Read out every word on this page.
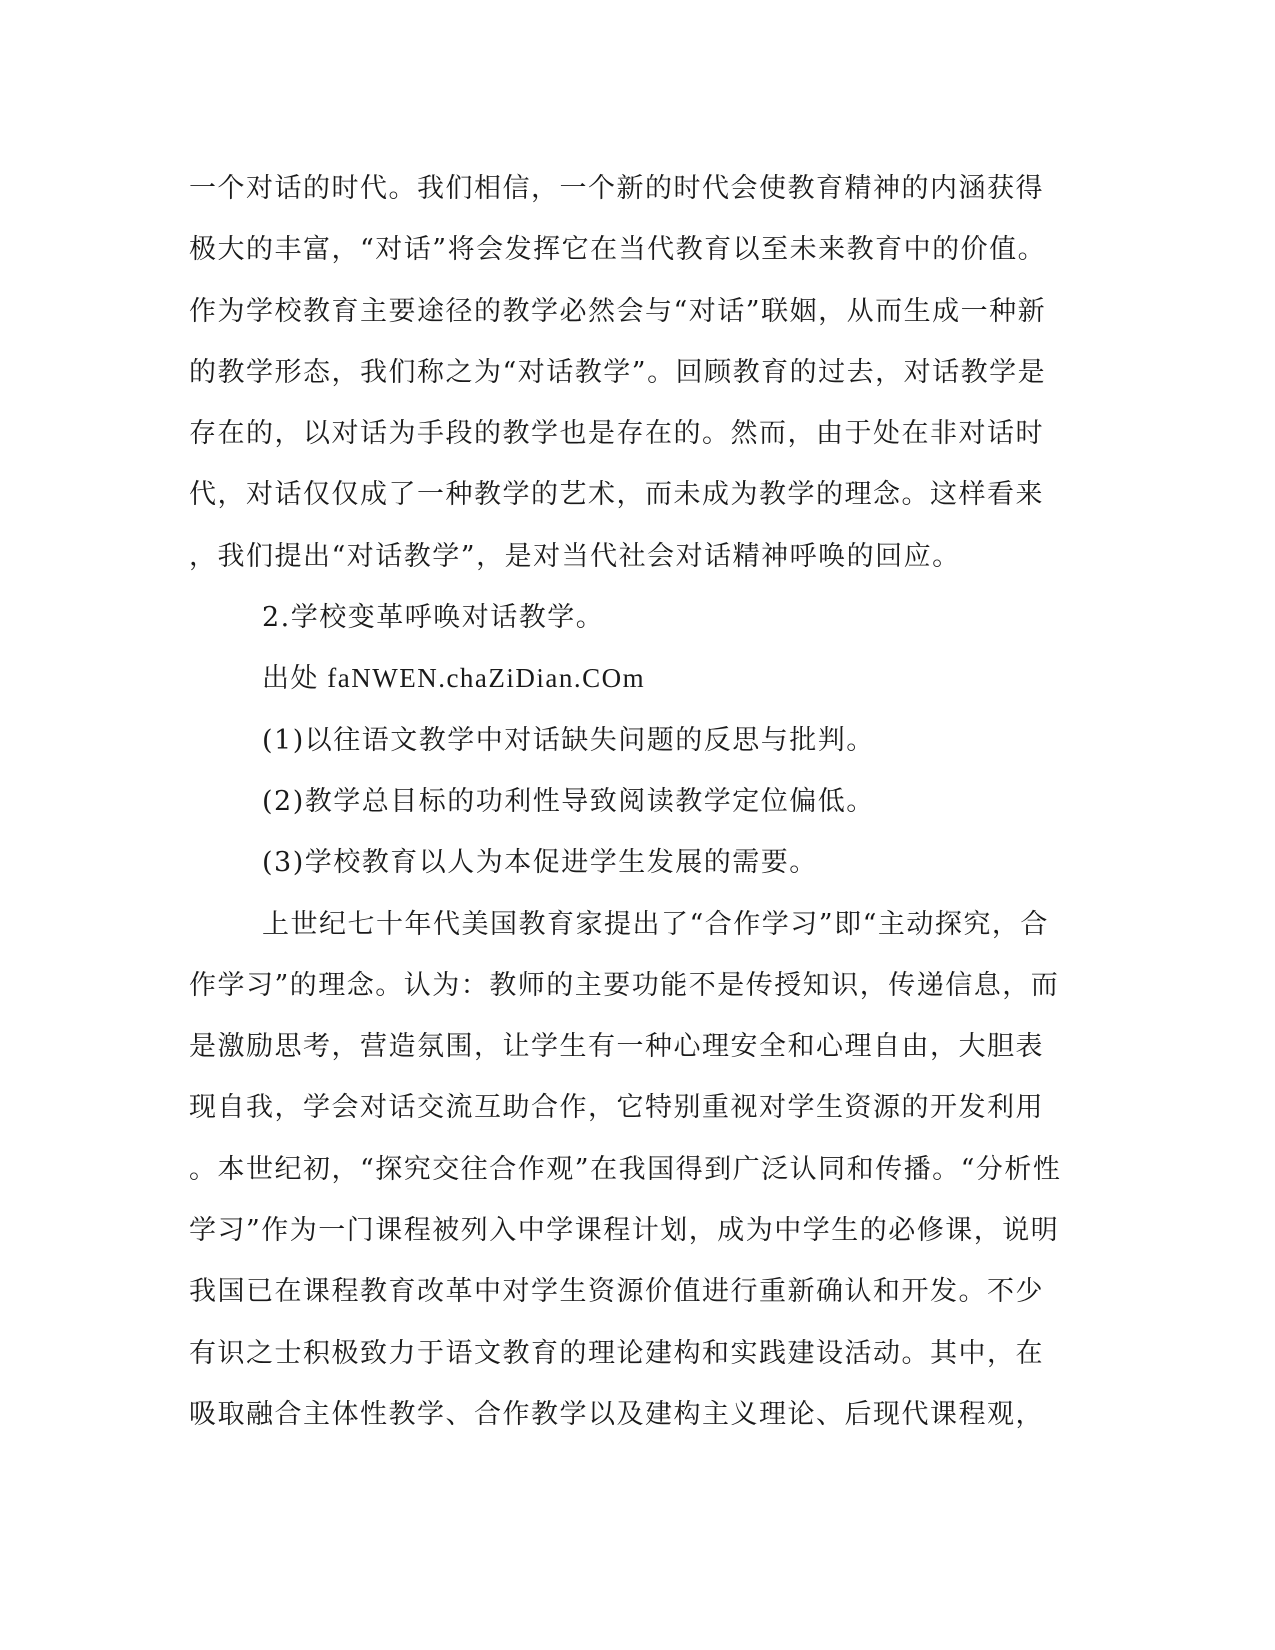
一个对话的时代。我们相信，一个新的时代会使教育精神的内涵获得
极大的丰富，“对话”将会发挥它在当代教育以至未来教育中的价值。
作为学校教育主要途径的教学必然会与“对话”联姻，从而生成一种新
的教学形态，我们称之为“对话教学”。回顾教育的过去，对话教学是
存在的，以对话为手段的教学也是存在的。然而，由于处在非对话时
代，对话仅仅成了一种教学的艺术，而未成为教学的理念。这样看来
，我们提出“对话教学”，是对当代社会对话精神呼唤的回应。
2.学校变革呼唤对话教学。
出处 faNWEN.chaZiDian.COm
(1)以往语文教学中对话缺失问题的反思与批判。
(2)教学总目标的功利性导致阅读教学定位偏低。
(3)学校教育以人为本促进学生发展的需要。
上世纪七十年代美国教育家提出了“合作学习”即“主动探究，合
作学习”的理念。认为：教师的主要功能不是传授知识，传递信息，而
是激励思考，营造氛围，让学生有一种心理安全和心理自由，大胆表
现自我，学会对话交流互助合作，它特别重视对学生资源的开发利用
。本世纪初，“探究交往合作观”在我国得到广泛认同和传播。“分析性
学习”作为一门课程被列入中学课程计划，成为中学生的必修课，说明
我国已在课程教育改革中对学生资源价值进行重新确认和开发。不少
有识之士积极致力于语文教育的理论建构和实践建设活动。其中，在
吸取融合主体性教学、合作教学以及建构主义理论、后现代课程观，
